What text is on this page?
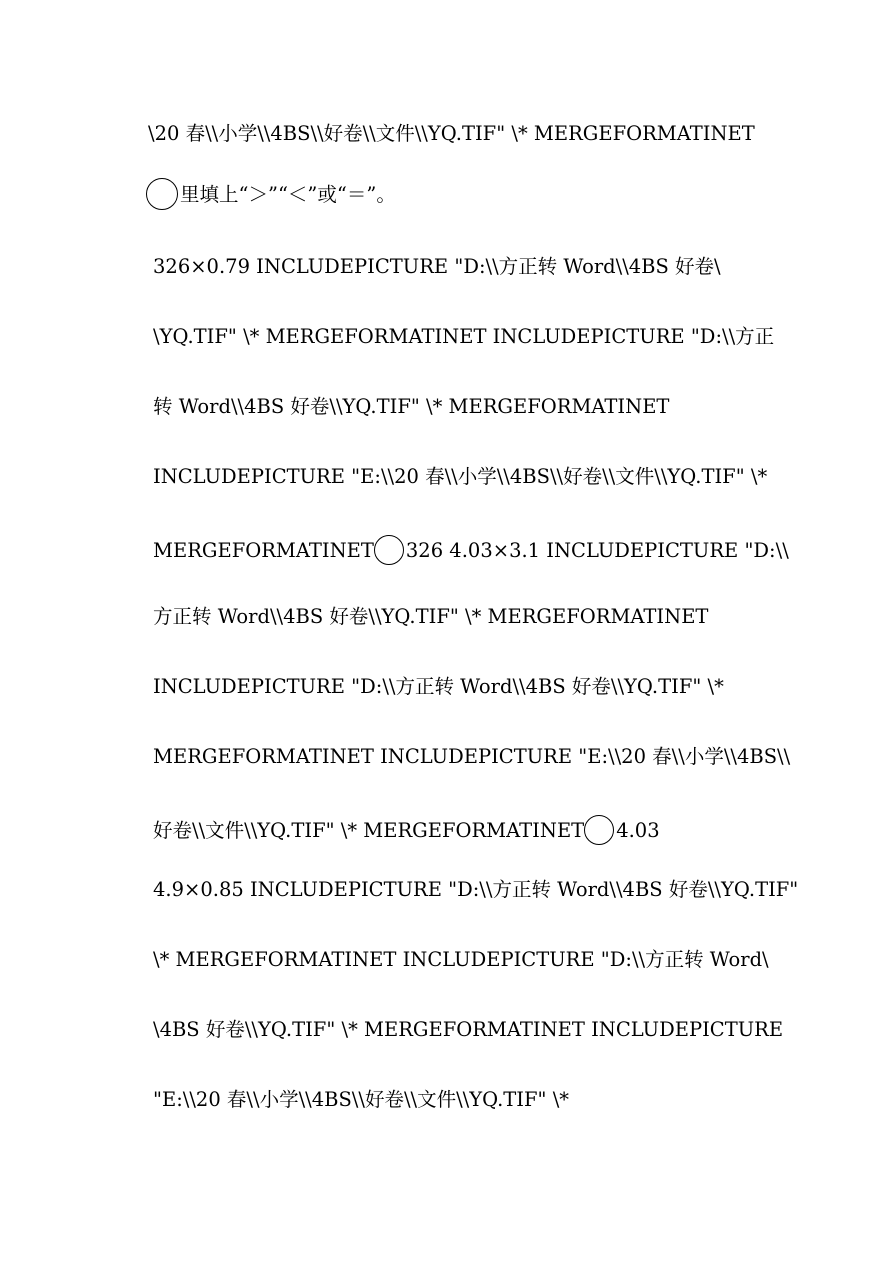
\20 春\\小学\\4BS\\好卷\\文件\\YQ.TIF" \* MERGEFORMATINET
里填上“＞”“＜”或“＝”。
326×0.79 INCLUDEPICTURE "D:\\方正转 Word\\4BS 好卷\
\YQ.TIF" \* MERGEFORMATINET INCLUDEPICTURE "D:\\方正
转 Word\\4BS 好卷\\YQ.TIF" \* MERGEFORMATINET
INCLUDEPICTURE "E:\\20 春\\小学\\4BS\\好卷\\文件\\YQ.TIF" \*
MERGEFORMATINET326 4.03×3.1 INCLUDEPICTURE "D:\\
方正转 Word\\4BS 好卷\\YQ.TIF" \* MERGEFORMATINET
INCLUDEPICTURE "D:\\方正转 Word\\4BS 好卷\\YQ.TIF" \*
MERGEFORMATINET INCLUDEPICTURE "E:\\20 春\\小学\\4BS\\
好卷\\文件\\YQ.TIF" \* MERGEFORMATINET4.03
4.9×0.85 INCLUDEPICTURE "D:\\方正转 Word\\4BS 好卷\\YQ.TIF"
\* MERGEFORMATINET INCLUDEPICTURE "D:\\方正转 Word\
\4BS 好卷\\YQ.TIF" \* MERGEFORMATINET INCLUDEPICTURE
"E:\\20 春\\小学\\4BS\\好卷\\文件\\YQ.TIF" \*
